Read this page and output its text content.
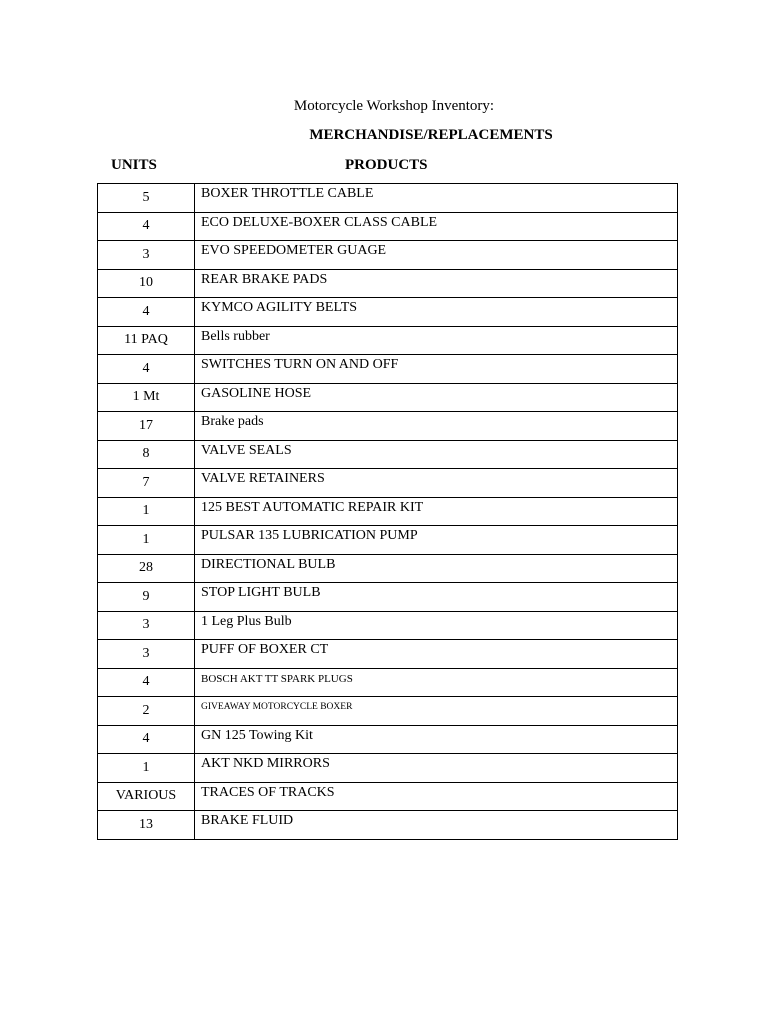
Motorcycle Workshop Inventory:
MERCHANDISE/REPLACEMENTS
UNITS	PRODUCTS
5	BOXER THROTTLE CABLE
4	ECO DELUXE-BOXER CLASS CABLE
3	EVO SPEEDOMETER GUAGE
10	REAR BRAKE PADS
4	KYMCO AGILITY BELTS
11 PAQ	Bells rubber
4	SWITCHES TURN ON AND OFF
1 Mt	GASOLINE HOSE
17	Brake pads
8	VALVE SEALS
7	VALVE RETAINERS
1	125 BEST AUTOMATIC REPAIR KIT
1	PULSAR 135 LUBRICATION PUMP
28	DIRECTIONAL BULB
9	STOP LIGHT BULB
3	1 Leg Plus Bulb
3	PUFF OF BOXER CT
4	BOSCH AKT TT SPARK PLUGS
2	GIVEAWAY MOTORCYCLE BOXER
4	GN 125 Towing Kit
1	AKT NKD MIRRORS
VARIOUS	TRACES OF TRACKS
13	BRAKE FLUID
